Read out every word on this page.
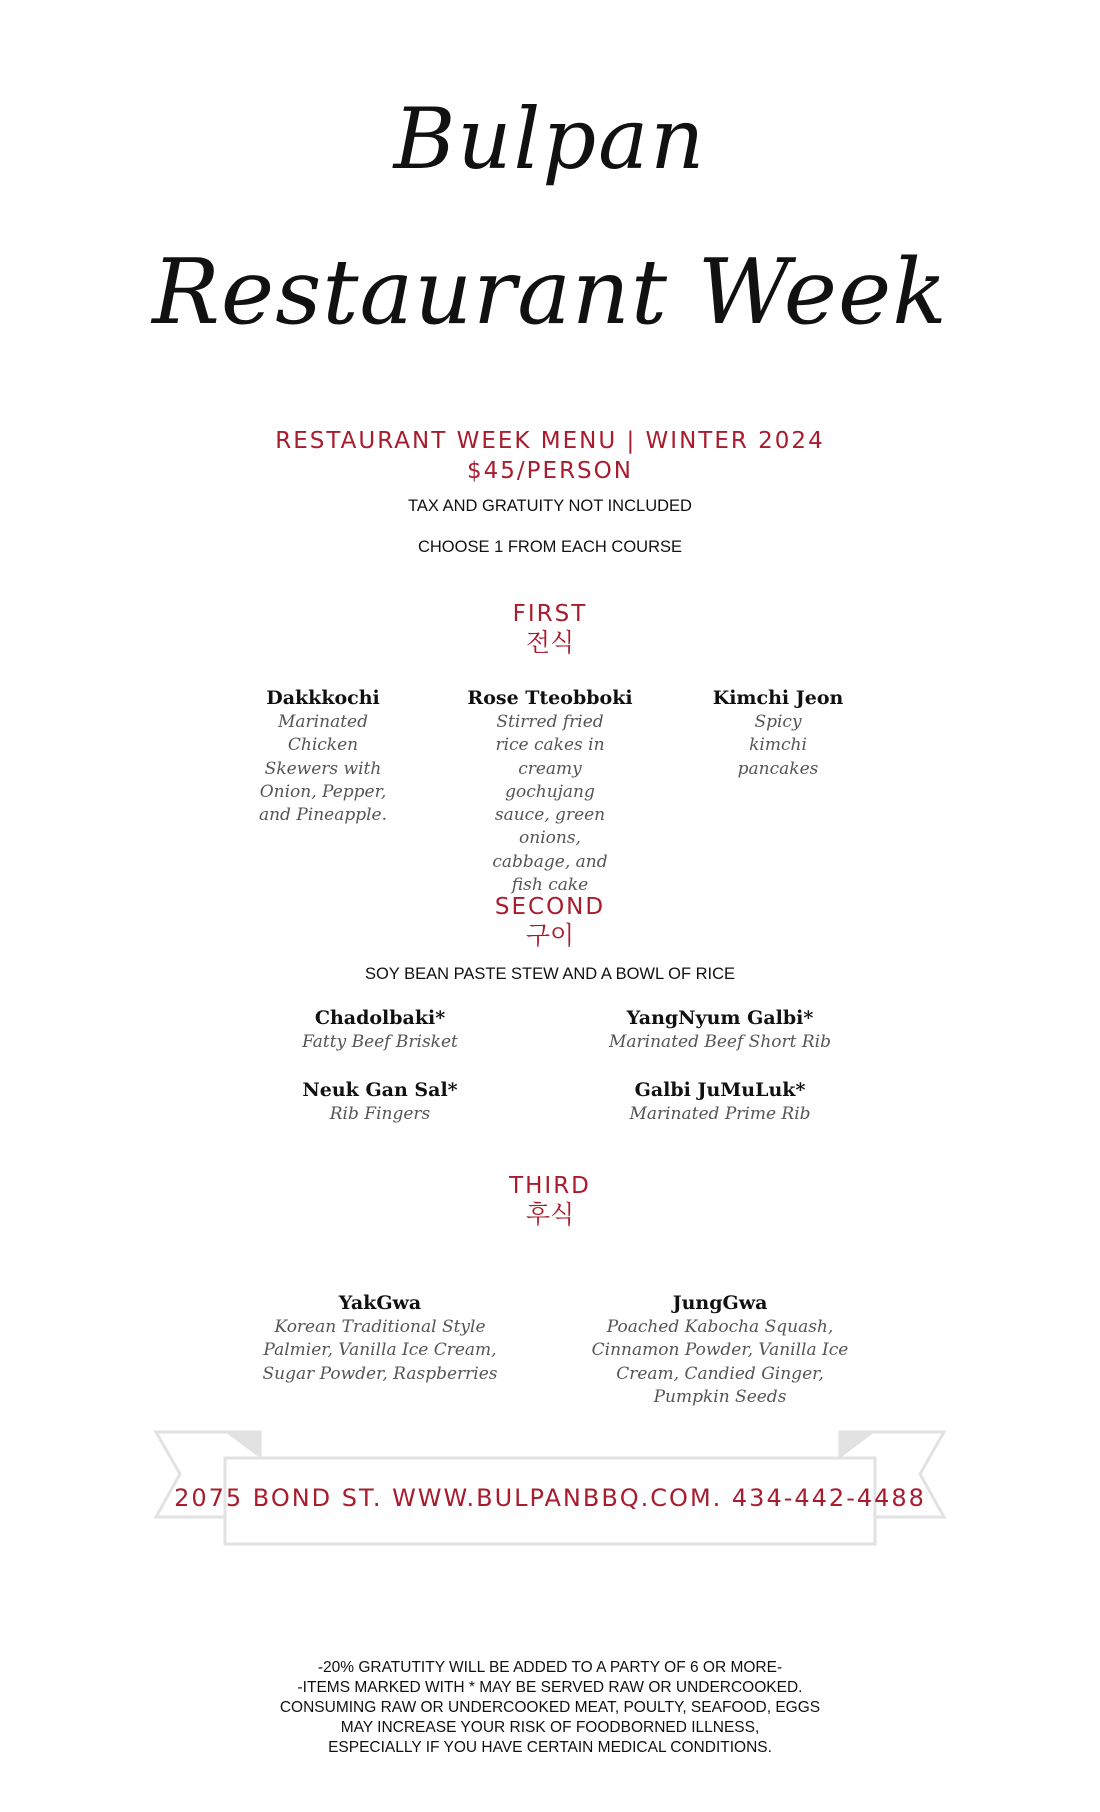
Bulpan
Restaurant Week
RESTAURANT WEEK MENU | WINTER 2024
$45/PERSON
TAX AND GRATUITY NOT INCLUDED
CHOOSE 1 FROM EACH COURSE
FIRST
전식
Dakkkochi
Marinated Chicken Skewers with Onion, Pepper, and Pineapple.
Rose Tteobboki
Stirred fried rice cakes in creamy gochujang sauce, green onions, cabbage, and fish cake
Kimchi Jeon
Spicy kimchi pancakes
SECOND
구이
SOY BEAN PASTE STEW AND A BOWL OF RICE
Chadolbaki*
Fatty Beef Brisket
YangNyum Galbi*
Marinated Beef Short Rib
Neuk Gan Sal*
Rib Fingers
Galbi JuMuLuk*
Marinated Prime Rib
THIRD
후식
YakGwa
Korean Traditional Style Palmier, Vanilla Ice Cream, Sugar Powder, Raspberries
JungGwa
Poached Kabocha Squash, Cinnamon Powder, Vanilla Ice Cream, Candied Ginger, Pumpkin Seeds
2075 BOND ST. WWW.BULPANBBQ.COM. 434-442-4488
-20% GRATUTITY WILL BE ADDED TO A PARTY OF 6 OR MORE-
-ITEMS MARKED WITH * MAY BE SERVED RAW OR UNDERCOOKED.
CONSUMING RAW OR UNDERCOOKED MEAT, POULTY, SEAFOOD, EGGS
MAY INCREASE YOUR RISK OF FOODBORNED ILLNESS,
ESPECIALLY IF YOU HAVE CERTAIN MEDICAL CONDITIONS.
